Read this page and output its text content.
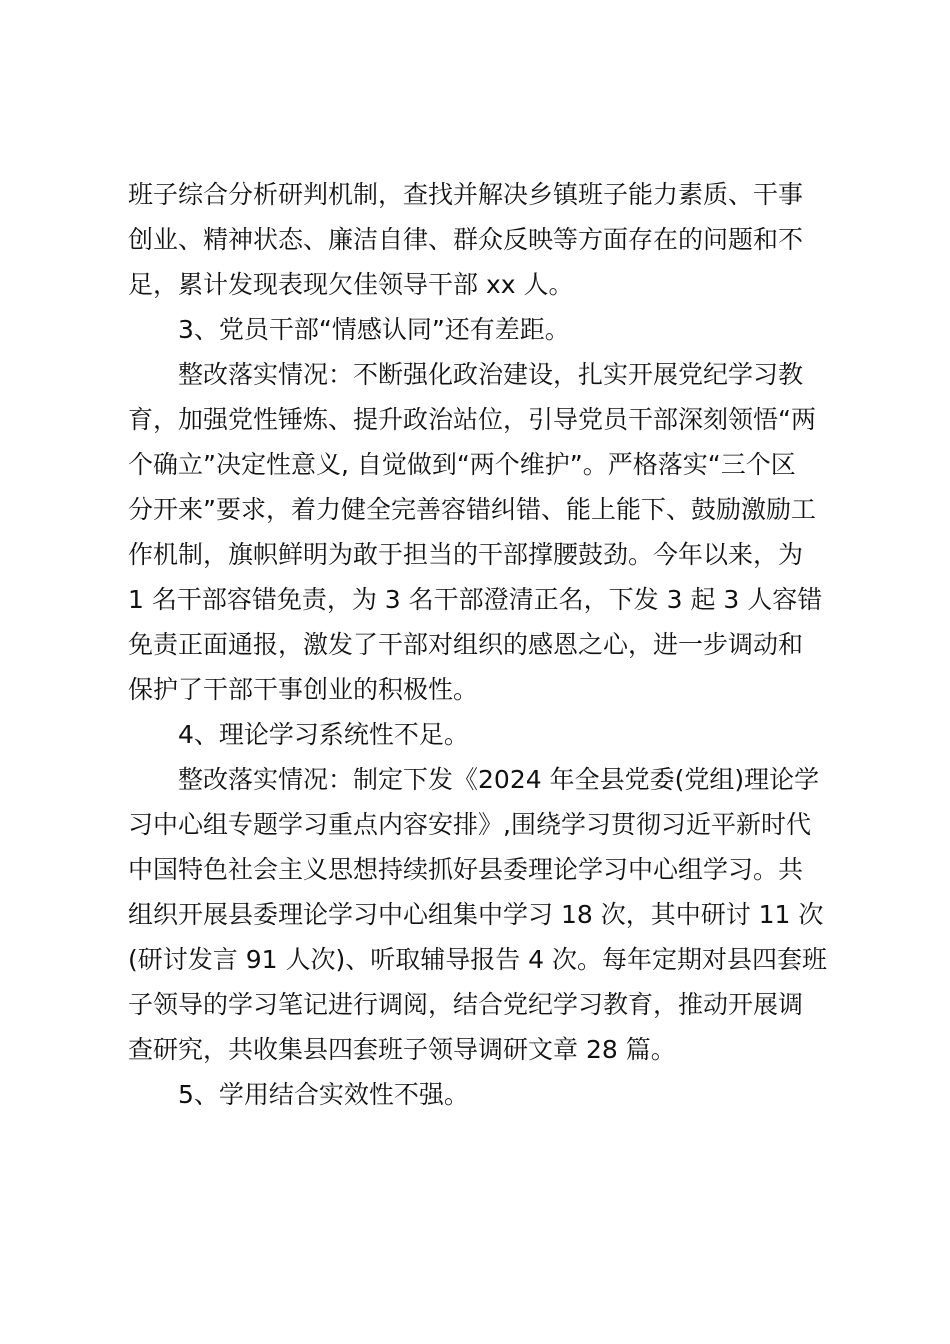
班子综合分析研判机制，查找并解决乡镇班子能力素质、干事
创业、精神状态、廉洁自律、群众反映等方面存在的问题和不
足，累计发现表现欠佳领导干部 xx 人。
3、党员干部“情感认同”还有差距。
整改落实情况：不断强化政治建设，扎实开展党纪学习教
育，加强党性锤炼、提升政治站位，引导党员干部深刻领悟“两
个确立”决定性意义, 自觉做到“两个维护”。严格落实“三个区
分开来”要求，着力健全完善容错纠错、能上能下、鼓励激励工
作机制，旗帜鲜明为敢于担当的干部撑腰鼓劲。今年以来，为
1 名干部容错免责，为 3 名干部澄清正名，下发 3 起 3 人容错
免责正面通报，激发了干部对组织的感恩之心，进一步调动和
保护了干部干事创业的积极性。
4、理论学习系统性不足。
整改落实情况：制定下发《2024 年全县党委(党组)理论学
习中心组专题学习重点内容安排》,围绕学习贯彻习近平新时代
中国特色社会主义思想持续抓好县委理论学习中心组学习。共
组织开展县委理论学习中心组集中学习 18 次，其中研讨 11 次
(研讨发言 91 人次)、听取辅导报告 4 次。每年定期对县四套班
子领导的学习笔记进行调阅，结合党纪学习教育，推动开展调
查研究，共收集县四套班子领导调研文章 28 篇。
5、学用结合实效性不强。
